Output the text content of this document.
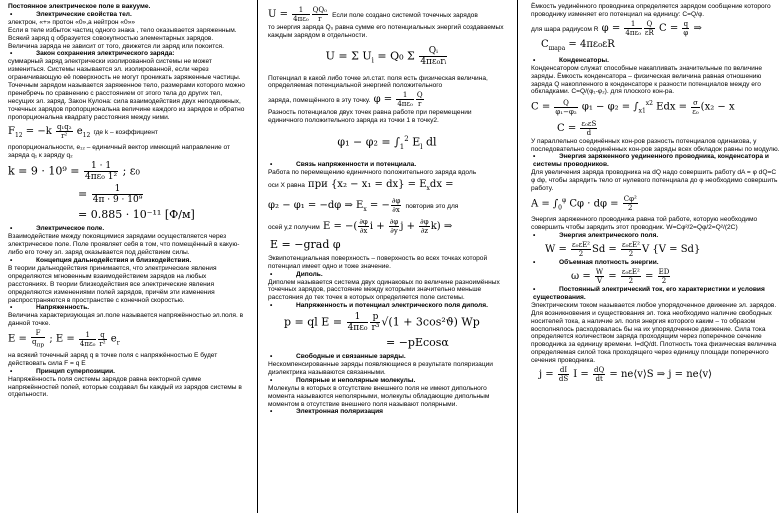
Постоянное электрическое поле в вакууме.

• Электрические свойства тел.

электрон, «+» протон «0»,а нейтрон «0»»

Если в теле избыток частиц одного знака , тело оказывается заряженным.

Всякий заряд q образуется совокупностью элементарных зарядов.

Величина заряда не зависит от того, движется ли заряд или покоится.

• Закон сохранения электрического заряда:

суммарный заряд электрически изолированной системы не может измениться. Системы называется эл. изолированной, если через ограничивающую её поверхность не могут проникать заряженные частицы. Точечным зарядом называется заряженное тело, размерами которого можно пренебречь по сравнению с расстоянием от этого тела до других тел, несущих эл. заряд. Закон Кулона: сила взаимодействия двух неподвижных, точечных зарядов пропорциональна величине каждого из зарядов и обратно пропорциональна квадрату расстояния между ними.

$F_{12} = -k \frac{\text{q₁q₂}}{\text{r²}} e_{12}$ где k – коэффициент

пропорциональности, e₁₂ – единичный вектор имеющий направление от заряда q₁ к заряду q₂

$k = 9 \cdot 10^9 = \frac{1 \cdot 1}{\text{4πε₀ 1²}}$ ; ε₀
= $\frac{1}{\text{4π · 9 · 10⁹}}$
= 0.885 · 10⁻¹¹ [Ф/м]

• Электрическое поле.

Взаимодействие между покоящимися зарядами осуществляется через электрическое поле. Поле проявляет себя в том, что помещённый в какую-либо его точку эл. заряд оказывается под действием силы.

• Концепция дальнодействия и близкодействия.

В теории дальнодействия принимается, что электрические явления определяются мгновенным взаимодействием зарядов на любых расстояниях. В теории близкодействия все электрические явления определяются изменениями полей зарядов, причём эти изменения распространяются в пространстве с конечной скоростью.

• Напряженность.

Величина характеризующая эл.поле называется напряжённостью эл.поля. в данной точке.

$E = \frac{F}{q_{пр}}$ ; $E = \frac{1}{\text{4πε₀}} \frac{q}{\text{r²}} e_r$

на всякий точечный заряд q в точке поля с напряжённостью E будет действовать сила F = q E

• Принцип суперпозиции.

Напряжённость поля системы зарядов равна векторной сумме напряжённостей полей, которые создавал бы каждый из зарядов системы в отдельности.

$U = \frac{1}{\text{4πε₀}} \frac{\text{QQ₀}}{r}$ Если поле создано системой точечных зарядов

то энергия заряда Q₀ равна сумме его потенциальных энергий создаваемых каждым зарядом в отдельности.

U = Σ $U_i = Q_0$ Σ $\frac{\text{Qᵢ}}{\text{4πε₀rᵢ}}$

Потенциал в какой либо точке эл.стат. поля есть физическая величина, определяемая потенциальной энергией положительного

заряда, помещённого в эту точку. $\varphi = \frac{1}{\text{4πε₀}} \frac{Q}{r}$

Разность потенциалов двух точек равна работе при перемещении единичного положительного заряда из точки 1 в точку2.

$\varphi_1 - \varphi_2 = \int_1^2$ $E_l$ dl

• Связь напряженности и потенциала.

Работа по перемещению единичного положительного заряда вдоль

оси X равна при $\{x_2 - x_1 = dx\} = E_xdx$ =
φ₂ − φ₁ = −dφ ⇒ $E_x$ = − $\frac{\partial\varphi}{\partial x}$ повторив это для
осей y,z получим E = −( $\frac{\partial\varphi}{\partial x}$ $i + \frac{\partial\varphi}{\partial y}$ $j + \frac{\partial\varphi}{\partial z} k$) ⇒
E = −grad φ

Эквипотенциальная поверхность – поверхность во всех точках которой потенциал имеет одно и тоже значение.

• Диполь.

Диполем называется система двух одинаковых по величине разноимённых точечных зарядов, расстояние между которыми значительно меньше расстояния до тех точек в которых определяется поле системы.

• Напряженность и потенциал электрического поля диполя.

p = ql $E = \frac{1}{\text{4πε₀}} \frac{p}{\text{r³}} √(1 + 3\cos^2ϑ)$ Wp
= −pEcosα

• Свободные и связанные заряды.

Нескомпенсированные заряды появляющиеся в результате поляризации диэлектрика называются связанными.

• Полярные и неполярные молекулы.

Молекулы в которых в отсутствие внешнего поля не имеют дипольного момента называются неполярными, молекулы обладающие дипольным моментом в отсутствие внешнего поля называют полярными.

• Электронная поляризация

Ёмкость уединённого проводника определяется зарядом сообщение которого проводнику изменяет его потенциал на единицу: C=Q/φ.

для шара радиусом R $\varphi = \frac{1}{\text{4πε₀}} \frac{Q}{\varepsilon R}$ $C = \frac{q}{\varphi}$ ⇒
$C_{шара} = 4\pi\varepsilon_0\varepsilon R$

• Конденсаторы.

Конденсатором служат способные накапливать значительные по величине заряды. Ёмкость конденсатора – физическая величина равная отношению заряда Q накопленного в конденсаторе к разности потенциалов между его обкладками. C=Q/(φ₁-φ₂). для плоского кон-ра.

$C = \frac{Q}{\text{φ₁−φ₂}} \varphi_1 - \varphi_2 = \int_{x1}^{x2}$ Edx = $\frac{\sigma}{\text{ε₀}} (x_2 - x$
$C = \frac{\text{ε₀εS}}{d}$

У параллельно соединённых кон-ров разность потенциалов одинакова, у последовательно соединённых кон-ров заряды всех обкладок равны по модулю.

• Энергия заряженного уединенного проводника, конденсатора и системы проводников.

Для увеличения заряда проводника на dQ надо совершить работу dA = φ dQ=C φ dφ, чтобы зарядить тело от нулевого потенциала до φ необходимо совершить работу.

$A = \int_0^\varphi$ $C\varphi \cdot d\varphi = \frac{\text{Cφ²}}{2}$

Энергия заряженного проводника равна той работе, которую необходимо совершить чтобы зарядить этот проводник. W=Cφ²/2=Qφ/2=Q²/(2C)

• Энергия электрического поля.

$W = \frac{\text{ε₀εE²}}{2}$ $Sd = \frac{\text{ε₀εE²}}{2}$ V {V = Sd}

• Объемная плотность энергии.

$\omega = \frac{W}{V} = \frac{\text{ε₀εE²}}{2} = \frac{ED}{2}$

• Постоянный электрический ток, его характеристики и условия существования.

Электрическим током называется любое упорядоченное движение эл. зарядов. Для возникновения и существования эл. тока необходимо наличие свободных носителей тока, а наличие эл. поля энергия которого каким – то образом восполнялось расходовалась бы на их упорядоченное движение. Сила тока определяется количеством заряда проходящим через поперечное сечение проводника за единицу времени. I=dQ/dt. Плотность тока физическая величина определяемая силой тока проходящего через единицу площади поперечного сечения проводника.

$j = \frac{dI}{dS}$ $I = \frac{dQ}{dt}$ = ne⟨v⟩S ⇒ j = ne⟨v⟩
